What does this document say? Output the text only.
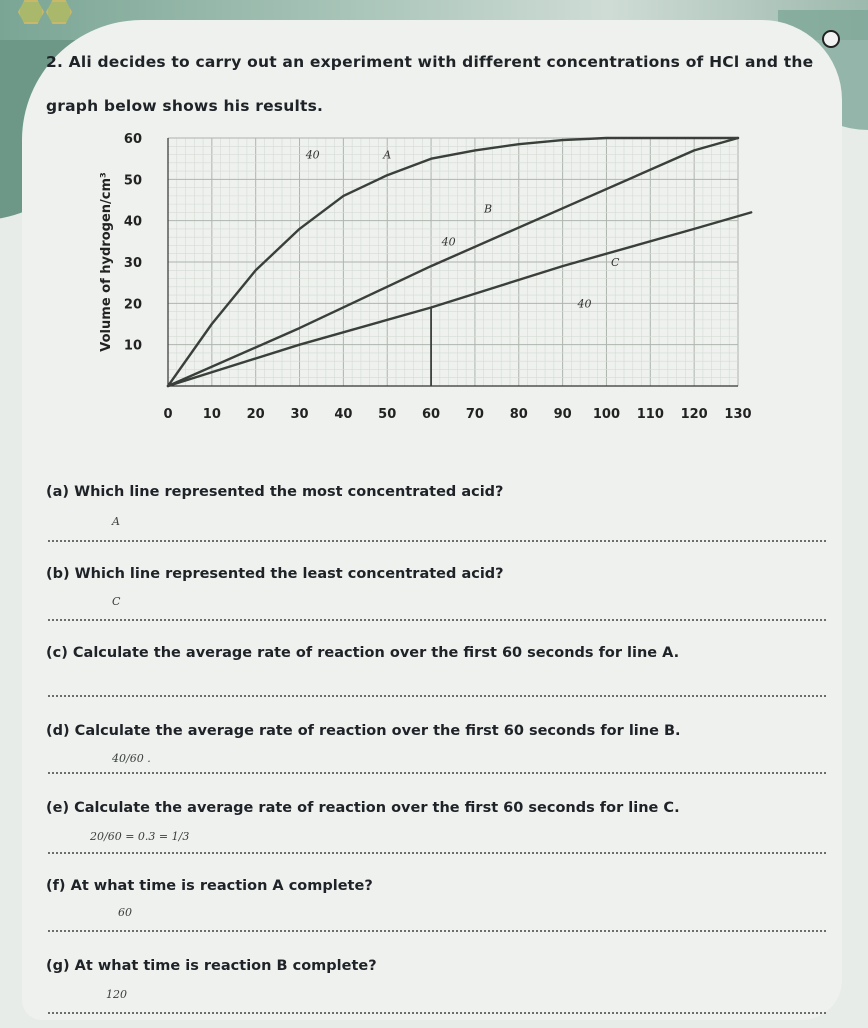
2. Ali decides to carry out an experiment with different concentrations of HCl and the graph below shows his results.
0 10 20 30 40 50 60 70 80 90 100 110 120 130
10
20
30
40
50
60
Volume of hydrogen/cm³
40	A
B
40
C
40
(a) Which line represented the most concentrated acid?
A
(b) Which line represented the least concentrated acid?
C
(c) Calculate the average rate of reaction over the first 60 seconds for line A.
(d) Calculate the average rate of reaction over the first 60 seconds for line B.
40/60 .
(e) Calculate the average rate of reaction over the first 60 seconds for line C.
20/60 = 0.3 = 1/3
(f) At what time is reaction A complete?
60
(g) At what time is reaction B complete?
120
